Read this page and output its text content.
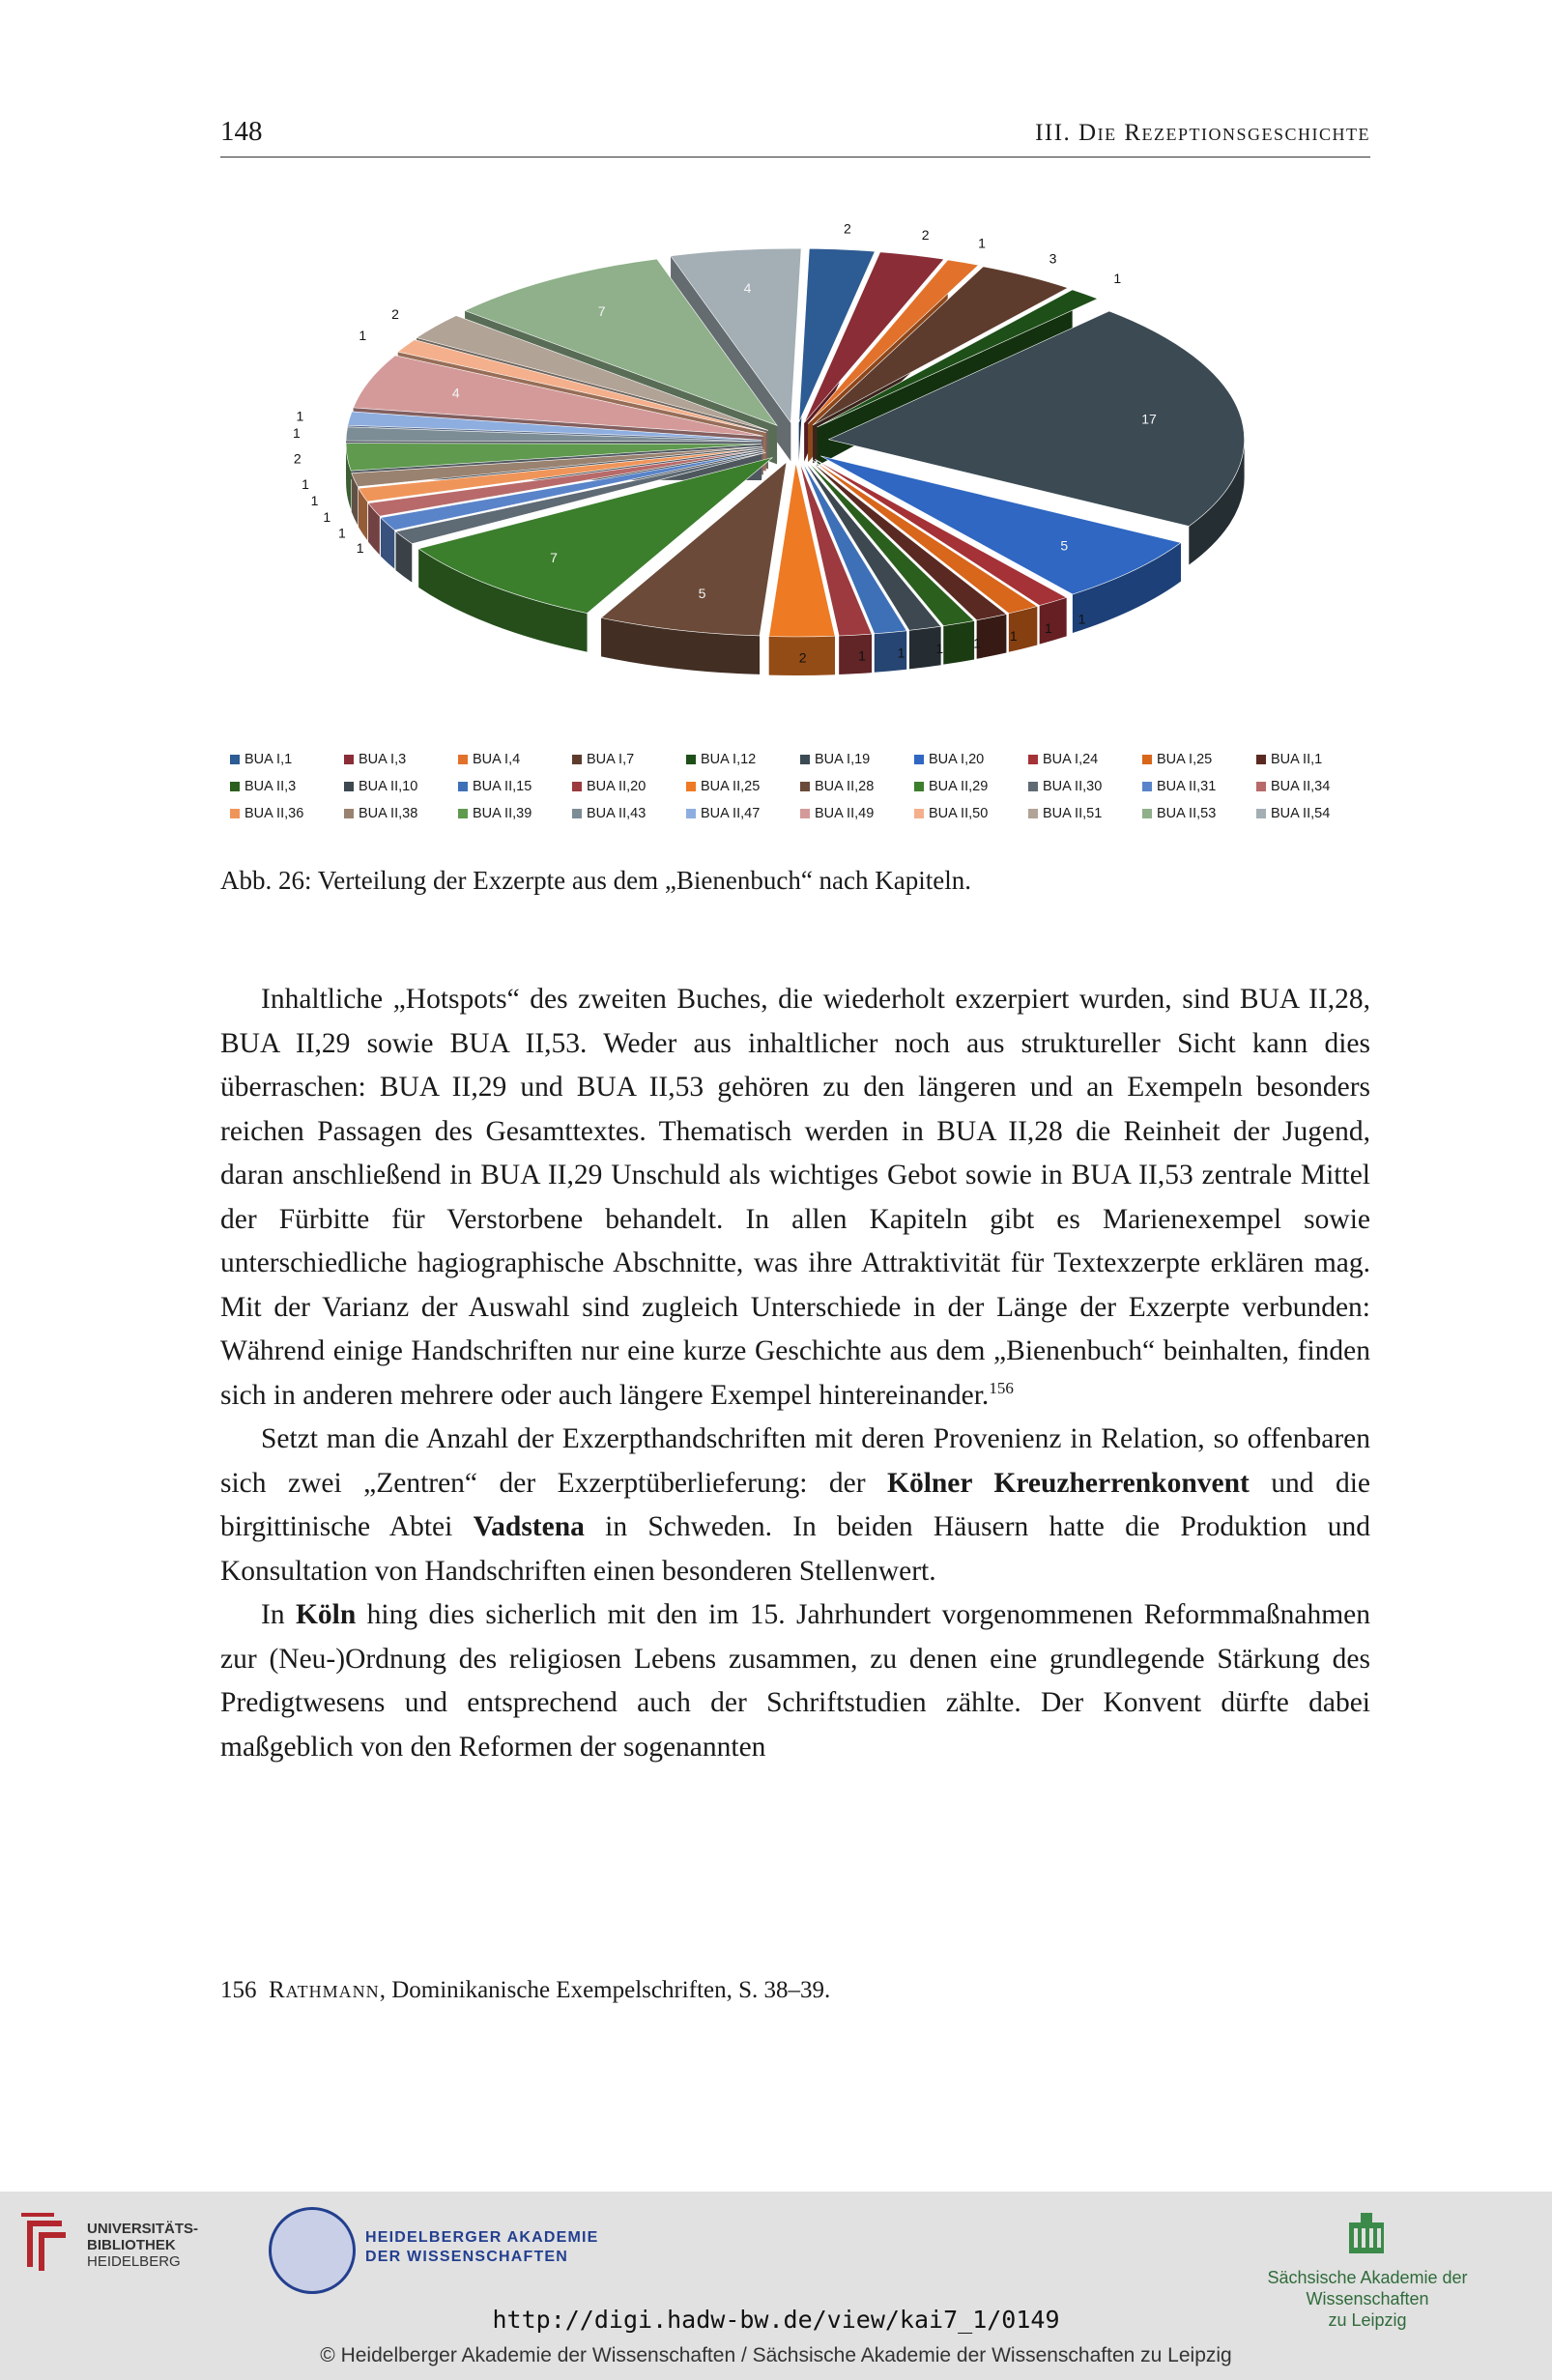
148	III. Die Rezeptionsgeschichte
2	2
1
3
1
17
5
1
1
1
1
1
1
1
2
5
7
1
1
1
1
1
2
1
1
4
1
2	7
4
BUA I,1	BUA I,3	BUA I,4	BUA I,7	BUA I,12	BUA I,19	BUA I,20	BUA I,24	BUA I,25	BUA II,1
BUA II,3	BUA II,10	BUA II,15	BUA II,20	BUA II,25	BUA II,28	BUA II,29	BUA II,30	BUA II,31	BUA II,34
BUA II,36	BUA II,38	BUA II,39	BUA II,43	BUA II,47	BUA II,49	BUA II,50	BUA II,51	BUA II,53	BUA II,54
Abb. 26: Verteilung der Exzerpte aus dem „Bienenbuch“ nach Kapiteln.

Inhaltliche „Hotspots“ des zweiten Buches, die wiederholt exzerpiert wurden, sind BUA II,28, BUA II,29 sowie BUA II,53. Weder aus inhaltlicher noch aus struktureller Sicht kann dies überraschen: BUA II,29 und BUA II,53 gehören zu den längeren und an Exempeln besonders reichen Passagen des Gesamttextes. Thematisch werden in BUA II,28 die Reinheit der Jugend, daran anschließend in BUA II,29 Unschuld als wichtiges Gebot sowie in BUA II,53 zentrale Mittel der Fürbitte für Verstorbene behandelt. In allen Kapiteln gibt es Marienexempel sowie unterschiedliche hagiographische Abschnitte, was ihre Attraktivität für Textexzerpte erklären mag. Mit der Varianz der Auswahl sind zugleich Unterschiede in der Länge der Exzerpte verbunden: Während einige Handschriften nur eine kurze Geschichte aus dem „Bienenbuch“ beinhalten, finden sich in anderen mehrere oder auch längere Exempel hintereinander.$^{156}$

Setzt man die Anzahl der Exzerpthandschriften mit deren Provenienz in Relation, so offenbaren sich zwei „Zentren“ der Exzerptüberlieferung: der Kölner Kreuzherrenkonvent und die birgittinische Abtei Vadstena in Schweden. In beiden Häusern hatte die Produktion und Konsultation von Handschriften einen besonderen Stellenwert.

In Köln hing dies sicherlich mit den im 15. Jahrhundert vorgenommenen Reformmaßnahmen zur (Neu-)Ordnung des religiosen Lebens zusammen, zu denen eine grundlegende Stärkung des Predigtwesens und entsprechend auch der Schriftstudien zählte. Der Konvent dürfte dabei maßgeblich von den Reformen der sogenannten

156 Rathmann, Dominikanische Exempelschriften, S. 38–39.
UNIVERSITÄTS-
BIBLIOTHEK
HEIDELBERG
HEIDELBERGER AKADEMIE
DER WISSENSCHAFTEN
Sächsische Akademie der Wissenschaften
zu Leipzig
http://digi.hadw-bw.de/view/kai7_1/0149
© Heidelberger Akademie der Wissenschaften / Sächsische Akademie der Wissenschaften zu Leipzig
